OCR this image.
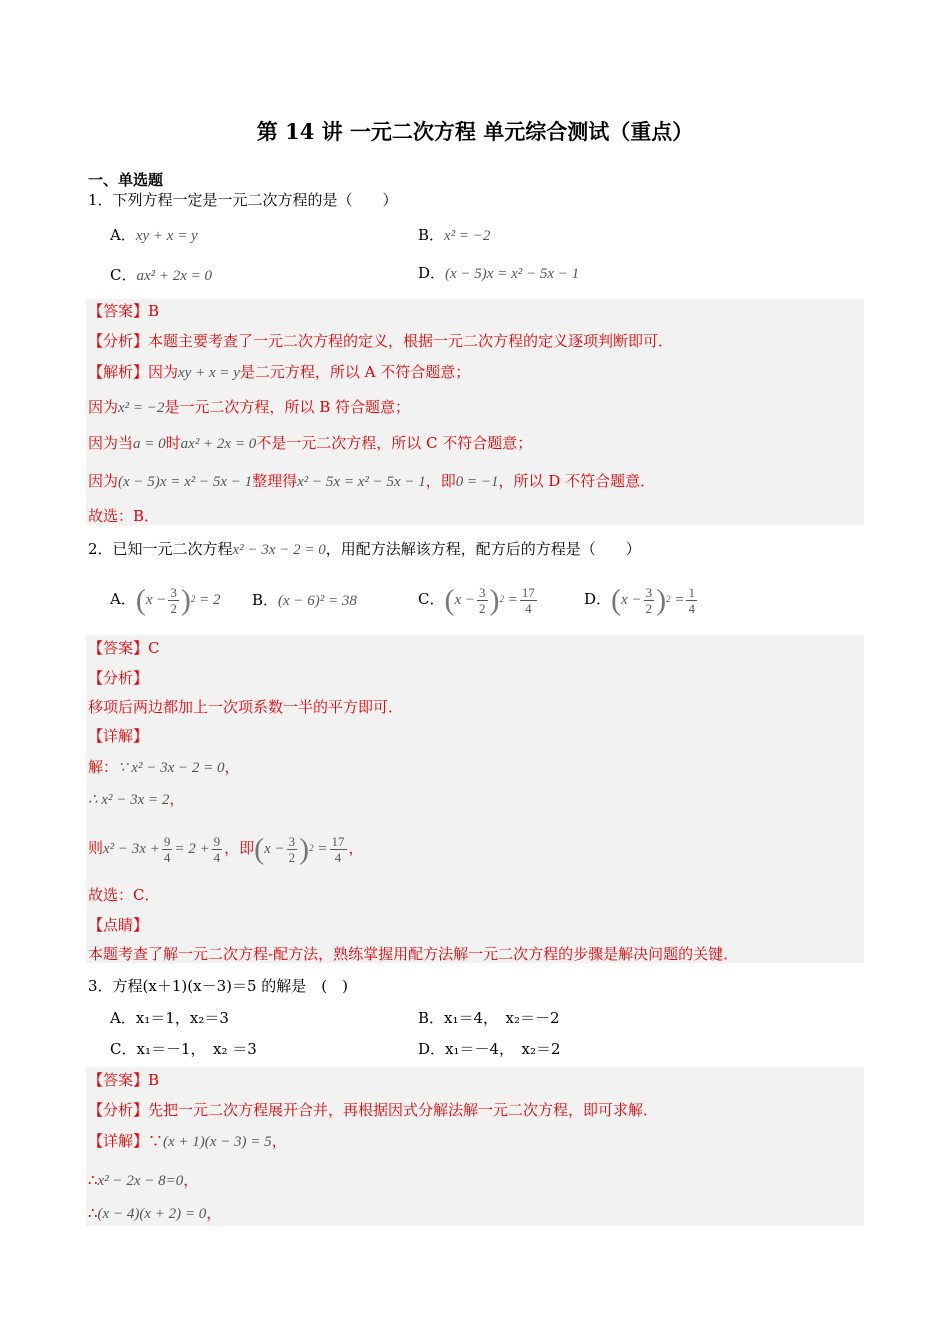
第 14 讲 一元二次方程 单元综合测试（重点）
一、单选题
1．下列方程一定是一元二次方程的是（　　）
A．xy + x = y	B．x² = −2
C．ax² + 2x = 0	D．(x − 5)x = x² − 5x − 1
【答案】B
【分析】本题主要考查了一元二次方程的定义，根据一元二次方程的定义逐项判断即可．
【解析】因为xy + x = y是二元方程，所以 A 不符合题意；
因为x² = −2是一元二次方程，所以 B 符合题意；
因为当a = 0时ax² + 2x = 0不是一元二次方程，所以 C 不符合题意；
因为(x − 5)x = x² − 5x − 1整理得x² − 5x = x² − 5x − 1，即0 = −1，所以 D 不符合题意．
故选：B．
2．已知一元二次方程x² − 3x − 2 = 0，用配方法解该方程，配方后的方程是（　　）
A．$(x - \frac{3}{2} )^2 = 2$ B．(x − 6)² = 38	C．$(x - \frac{3}{2} )^2 = \frac{17}{4}$	D．$(x - \frac{3}{2} )^2 = \frac{1}{4}$
【答案】C
【分析】
移项后两边都加上一次项系数一半的平方即可．
【详解】
解：∵ x² − 3x − 2 = 0，
∴ x² − 3x = 2，
则$x^2 - 3x + \frac{9}{4} = 2 + \frac{9}{4}$ ，即$(x - \frac{3}{2} )^2 = \frac{17}{4}$ ，
故选：C．
【点睛】
本题考查了解一元二次方程-配方法，熟练掌握用配方法解一元二次方程的步骤是解决问题的关键．
3．方程(x＋1)(x－3)＝5 的解是　(　)
A．x₁＝1，x₂＝3	B．x₁＝4，　x₂＝－2
C．x₁＝－1，　x₂ ＝3	D．x₁＝－4，　x₂＝2
【答案】B
【分析】先把一元二次方程展开合并，再根据因式分解法解一元二次方程，即可求解．
【详解】∵(x + 1)(x − 3) = 5，
∴x² − 2x − 8=0，
∴(x − 4)(x + 2) = 0，
